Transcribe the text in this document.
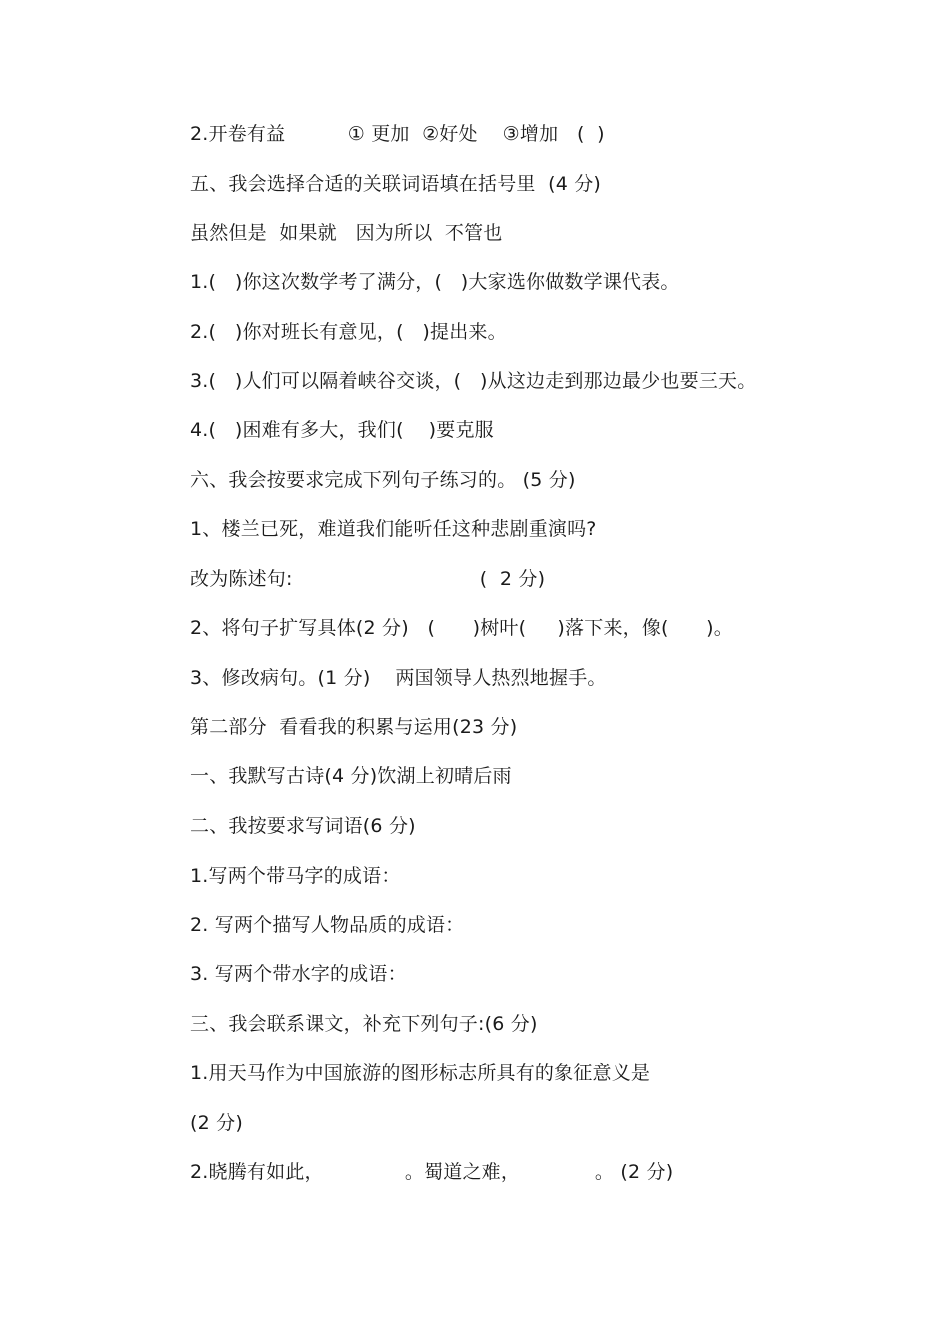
2.开卷有益          ① 更加  ②好处    ③增加   (  )
五、我会选择合适的关联词语填在括号里  (4 分)
虽然但是  如果就   因为所以  不管也
1.(   )你这次数学考了满分，(   )大家选你做数学课代表。
2.(   )你对班长有意见，(   )提出来。
3.(   )人们可以隔着峡谷交谈，(   )从这边走到那边最少也要三天。
4.(   )困难有多大，我们(    )要克服
六、我会按要求完成下列句子练习的。 (5 分)
1、楼兰已死，难道我们能听任这种悲剧重演吗?
改为陈述句:                              (  2 分)
2、将句子扩写具体(2 分)   (      )树叶(     )落下来，像(      )。
3、修改病句。(1 分)    两国领导人热烈地握手。
第二部分  看看我的积累与运用(23 分)
一、我默写古诗(4 分)饮湖上初晴后雨
二、我按要求写词语(6 分)
1.写两个带马字的成语：
2. 写两个描写人物品质的成语：
3. 写两个带水字的成语：
三、我会联系课文，补充下列句子:(6 分)
1.用天马作为中国旅游的图形标志所具有的象征意义是
(2 分)
2.晓腾有如此，             。蜀道之难，            。 (2 分)
